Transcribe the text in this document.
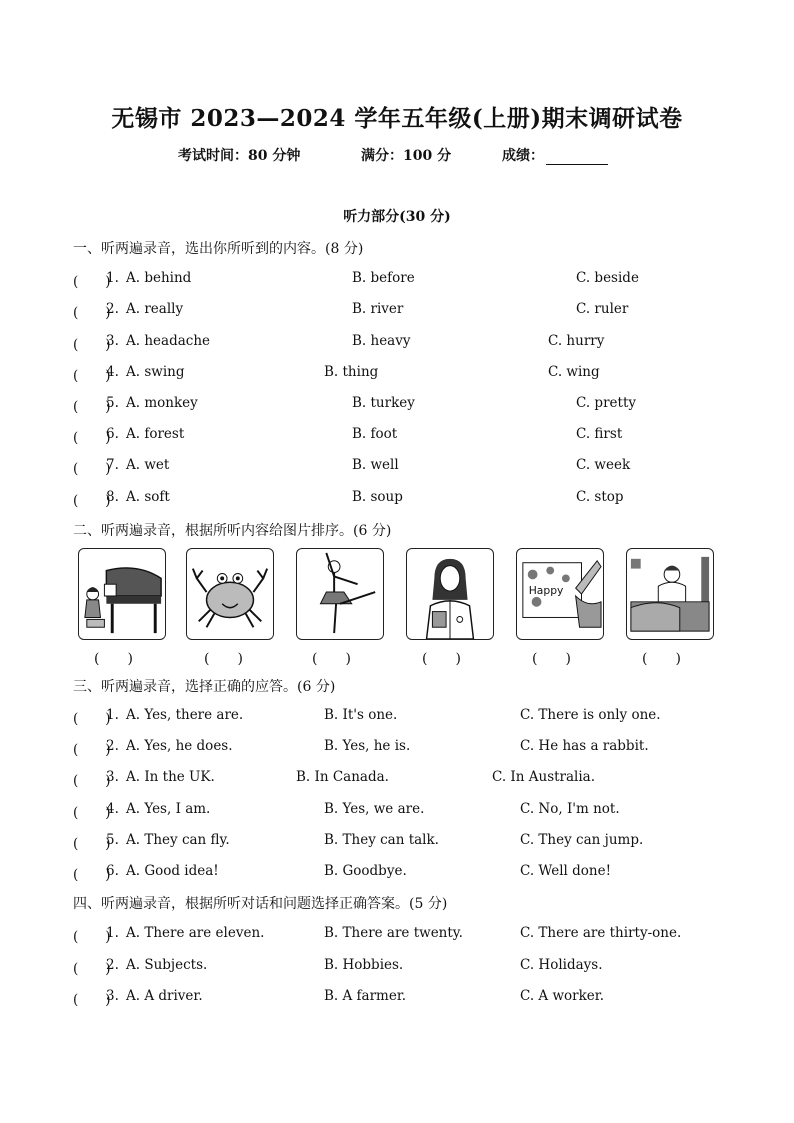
无锡市 2023—2024 学年五年级(上册)期末调研试卷
考试时间：80 分钟	满分：100 分	成绩：
听力部分(30 分)
一、听两遍录音，选出你所听到的内容。(8 分)
(　　)
1. A. behind	B. before	C. beside
(　　)
2. A. really	B. river	C. ruler
(　　)
3. A. headache	B. heavy	C. hurry
(　　)
4. A. swing	B. thing	C. wing
(　　)
5. A. monkey	B. turkey	C. pretty
(　　)
6. A. forest	B. foot	C. first
(　　)
7. A. wet	B. well	C. week
(　　)
8. A. soft	B. soup	C. stop
二、听两遍录音，根据所听内容给图片排序。(6 分)
Happy
(　　)	(　　)	(　　)	(　　)	(　　)	(　　)
三、听两遍录音，选择正确的应答。(6 分)
(　　)
1. A. Yes, there are.	B. It's one.	C. There is only one.
(　　)
2. A. Yes, he does.	B. Yes, he is.	C. He has a rabbit.
(　　)
3. A. In the UK.	B. In Canada.	C. In Australia.
(　　)
4. A. Yes, I am.	B. Yes, we are.	C. No, I'm not.
(　　)
5. A. They can fly.	B. They can talk.	C. They can jump.
(　　)
6. A. Good idea!	B. Goodbye.	C. Well done!
四、听两遍录音，根据所听对话和问题选择正确答案。(5 分)
(　　)
1. A. There are eleven.	B. There are twenty.	C. There are thirty-one.
(　　)
2. A. Subjects.	B. Hobbies.	C. Holidays.
(　　)
3. A. A driver.	B. A farmer.	C. A worker.
